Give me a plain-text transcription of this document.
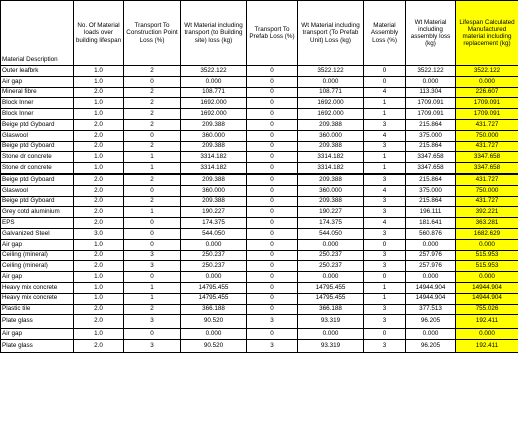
Material Description	No. Of Material loads over building lifespan	Transport To Construction Point Loss (%)	Wt Material including transport (to Building site) loss (kg)	Transport To Prefab Loss (%)	Wt Material including transport (To Prefab Unit) Loss (kg)	Material Assembly Loss (%)	Wt Material including assembly loss (kg)	Lifespan Calculated Manufactured material including replacement (kg)
Outer leafbrk	1.0	2	3522.122	0	3522.122	0	3522.122	3522.122
Air gap	1.0	0	0.000	0	0.000	0	0.000	0.000
Mineral fibre	2.0	2	108.771	0	108.771	4	113.304	226.607
Block Inner	1.0	2	1692.000	0	1692.000	1	1709.091	1709.091
Block Inner	1.0	2	1692.000	0	1692.000	1	1709.091	1709.091
Beige ptd Gyboard	2.0	2	209.388	0	209.388	3	215.864	431.727
Glaswool	2.0	0	360.000	0	360.000	4	375.000	750.000
Beige ptd Gyboard	2.0	2	209.388	0	209.388	3	215.864	431.727
Stone dr concrete	1.0	1	3314.182	0	3314.182	1	3347.658	3347.658
Stone dr concrete	1.0	1	3314.182	0	3314.182	1	3347.658	3347.658
Beige ptd Gyboard	2.0	2	209.388	0	209.388	3	215.864	431.727
Glaswool	2.0	0	360.000	0	360.000	4	375.000	750.000
Beige ptd Gyboard	2.0	2	209.388	0	209.388	3	215.864	431.727
Grey cotd aluminium	2.0	1	190.227	0	190.227	3	196.111	392.221
EPS	2.0	0	174.375	0	174.375	4	181.641	363.281
Galvanized Steel	3.0	0	544.050	0	544.050	3	560.876	1682.629
Air gap	1.0	0	0.000	0	0.000	0	0.000	0.000
Ceiling (mineral)	2.0	3	250.237	0	250.237	3	257.976	515.953
Ceiling (mineral)	2.0	3	250.237	0	250.237	3	257.976	515.953
Air gap	1.0	0	0.000	0	0.000	0	0.000	0.000
Heavy mix concrete	1.0	1	14795.455	0	14795.455	1	14944.904	14944.904
Heavy mix concrete	1.0	1	14795.455	0	14795.455	1	14944.904	14944.904
Plastic tile	2.0	2	366.188	0	366.188	3	377.513	755.026
Plate glass	2.0	3	90.520	3	93.319	3	96.205	192.411
Air gap	1.0	0	0.000	0	0.000	0	0.000	0.000
Plate glass	2.0	3	90.520	3	93.319	3	96.205	192.411
